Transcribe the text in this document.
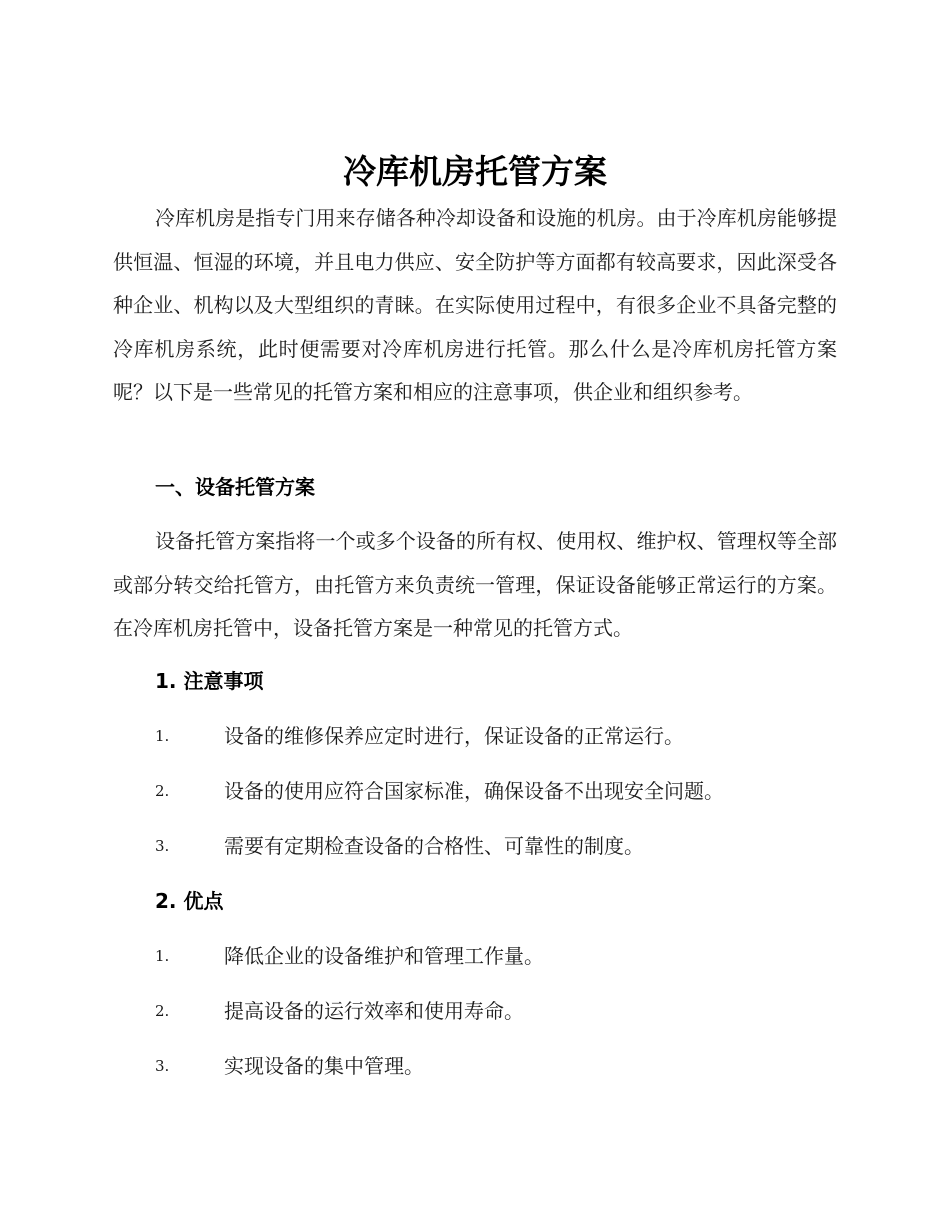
冷库机房托管方案

冷库机房是指专门用来存储各种冷却设备和设施的机房。由于冷库机房能够提供恒温、恒湿的环境，并且电力供应、安全防护等方面都有较高要求，因此深受各种企业、机构以及大型组织的青睐。在实际使用过程中，有很多企业不具备完整的冷库机房系统，此时便需要对冷库机房进行托管。那么什么是冷库机房托管方案呢？以下是一些常见的托管方案和相应的注意事项，供企业和组织参考。

一、设备托管方案

设备托管方案指将一个或多个设备的所有权、使用权、维护权、管理权等全部或部分转交给托管方，由托管方来负责统一管理，保证设备能够正常运行的方案。在冷库机房托管中，设备托管方案是一种常见的托管方式。

1. 注意事项
1.	设备的维修保养应定时进行，保证设备的正常运行。
2.	设备的使用应符合国家标准，确保设备不出现安全问题。
3.	需要有定期检查设备的合格性、可靠性的制度。
2. 优点
1.	降低企业的设备维护和管理工作量。
2.	提高设备的运行效率和使用寿命。
3.	实现设备的集中管理。
